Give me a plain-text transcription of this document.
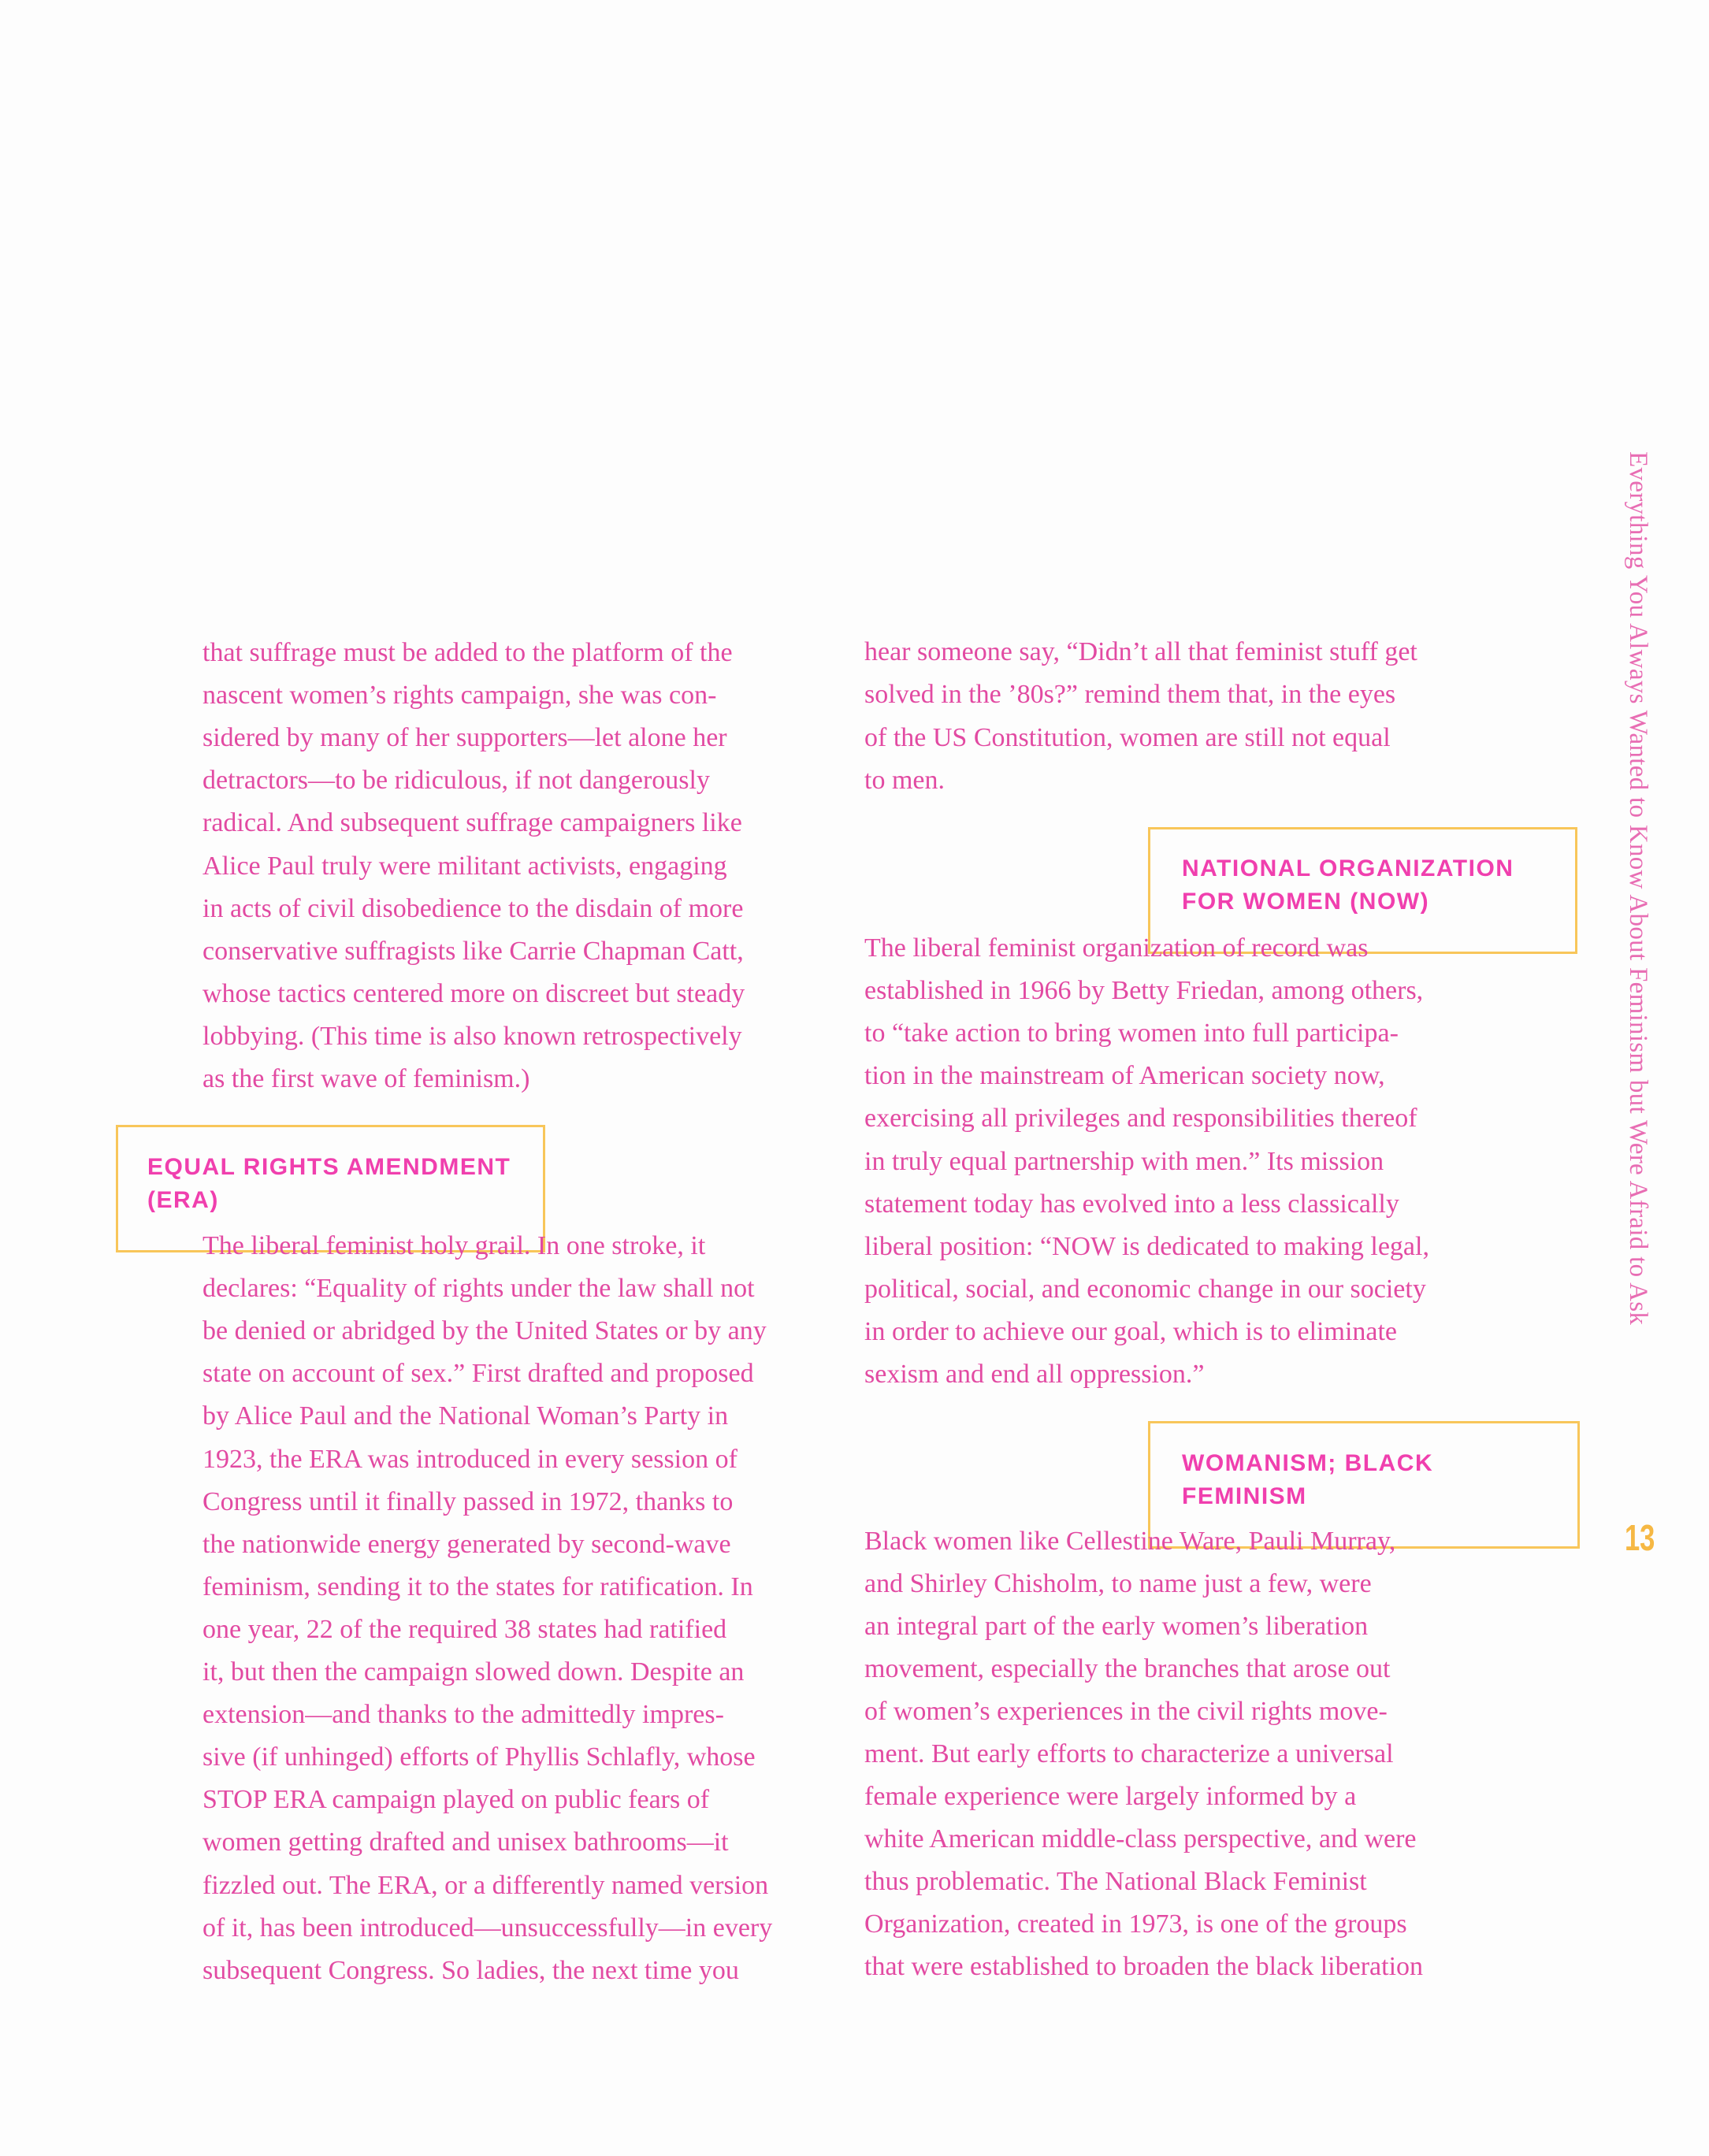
that suffrage must be added to the platform of the
nascent women’s rights campaign, she was con-
sidered by many of her supporters—let alone her
detractors—to be ridiculous, if not dangerously
radical. And subsequent suffrage campaigners like
Alice Paul truly were militant activists, engaging
in acts of civil disobedience to the disdain of more
conservative suffragists like Carrie Chapman Catt,
whose tactics centered more on discreet but steady
lobbying. (This time is also known retrospectively
as the first wave of feminism.)
EQUAL RIGHTS AMENDMENT
(ERA)
The liberal feminist holy grail. In one stroke, it
declares: “Equality of rights under the law shall not
be denied or abridged by the United States or by any
state on account of sex.” First drafted and proposed
by Alice Paul and the National Woman’s Party in
1923, the ERA was introduced in every session of
Congress until it finally passed in 1972, thanks to
the nationwide energy generated by second-wave
feminism, sending it to the states for ratification. In
one year, 22 of the required 38 states had ratified
it, but then the campaign slowed down. Despite an
extension—and thanks to the admittedly impres-
sive (if unhinged) efforts of Phyllis Schlafly, whose
STOP ERA campaign played on public fears of
women getting drafted and unisex bathrooms—it
fizzled out. The ERA, or a differently named version
of it, has been introduced—unsuccessfully—in every
subsequent Congress. So ladies, the next time you
hear someone say, “Didn’t all that feminist stuff get
solved in the ’80s?” remind them that, in the eyes
of the US Constitution, women are still not equal
to men.
NATIONAL ORGANIZATION
FOR WOMEN (NOW)
The liberal feminist organization of record was
established in 1966 by Betty Friedan, among others,
to “take action to bring women into full participa-
tion in the mainstream of American society now,
exercising all privileges and responsibilities thereof
in truly equal partnership with men.” Its mission
statement today has evolved into a less classically
liberal position: “NOW is dedicated to making legal,
political, social, and economic change in our society
in order to achieve our goal, which is to eliminate
sexism and end all oppression.”
WOMANISM; BLACK
FEMINISM
Black women like Cellestine Ware, Pauli Murray,
and Shirley Chisholm, to name just a few, were
an integral part of the early women’s liberation
movement, especially the branches that arose out
of women’s experiences in the civil rights move-
ment. But early efforts to characterize a universal
female experience were largely informed by a
white American middle-class perspective, and were
thus problematic. The National Black Feminist
Organization, created in 1973, is one of the groups
that were established to broaden the black liberation
Everything You Always Wanted to Know About Feminism but Were Afraid to Ask
13
